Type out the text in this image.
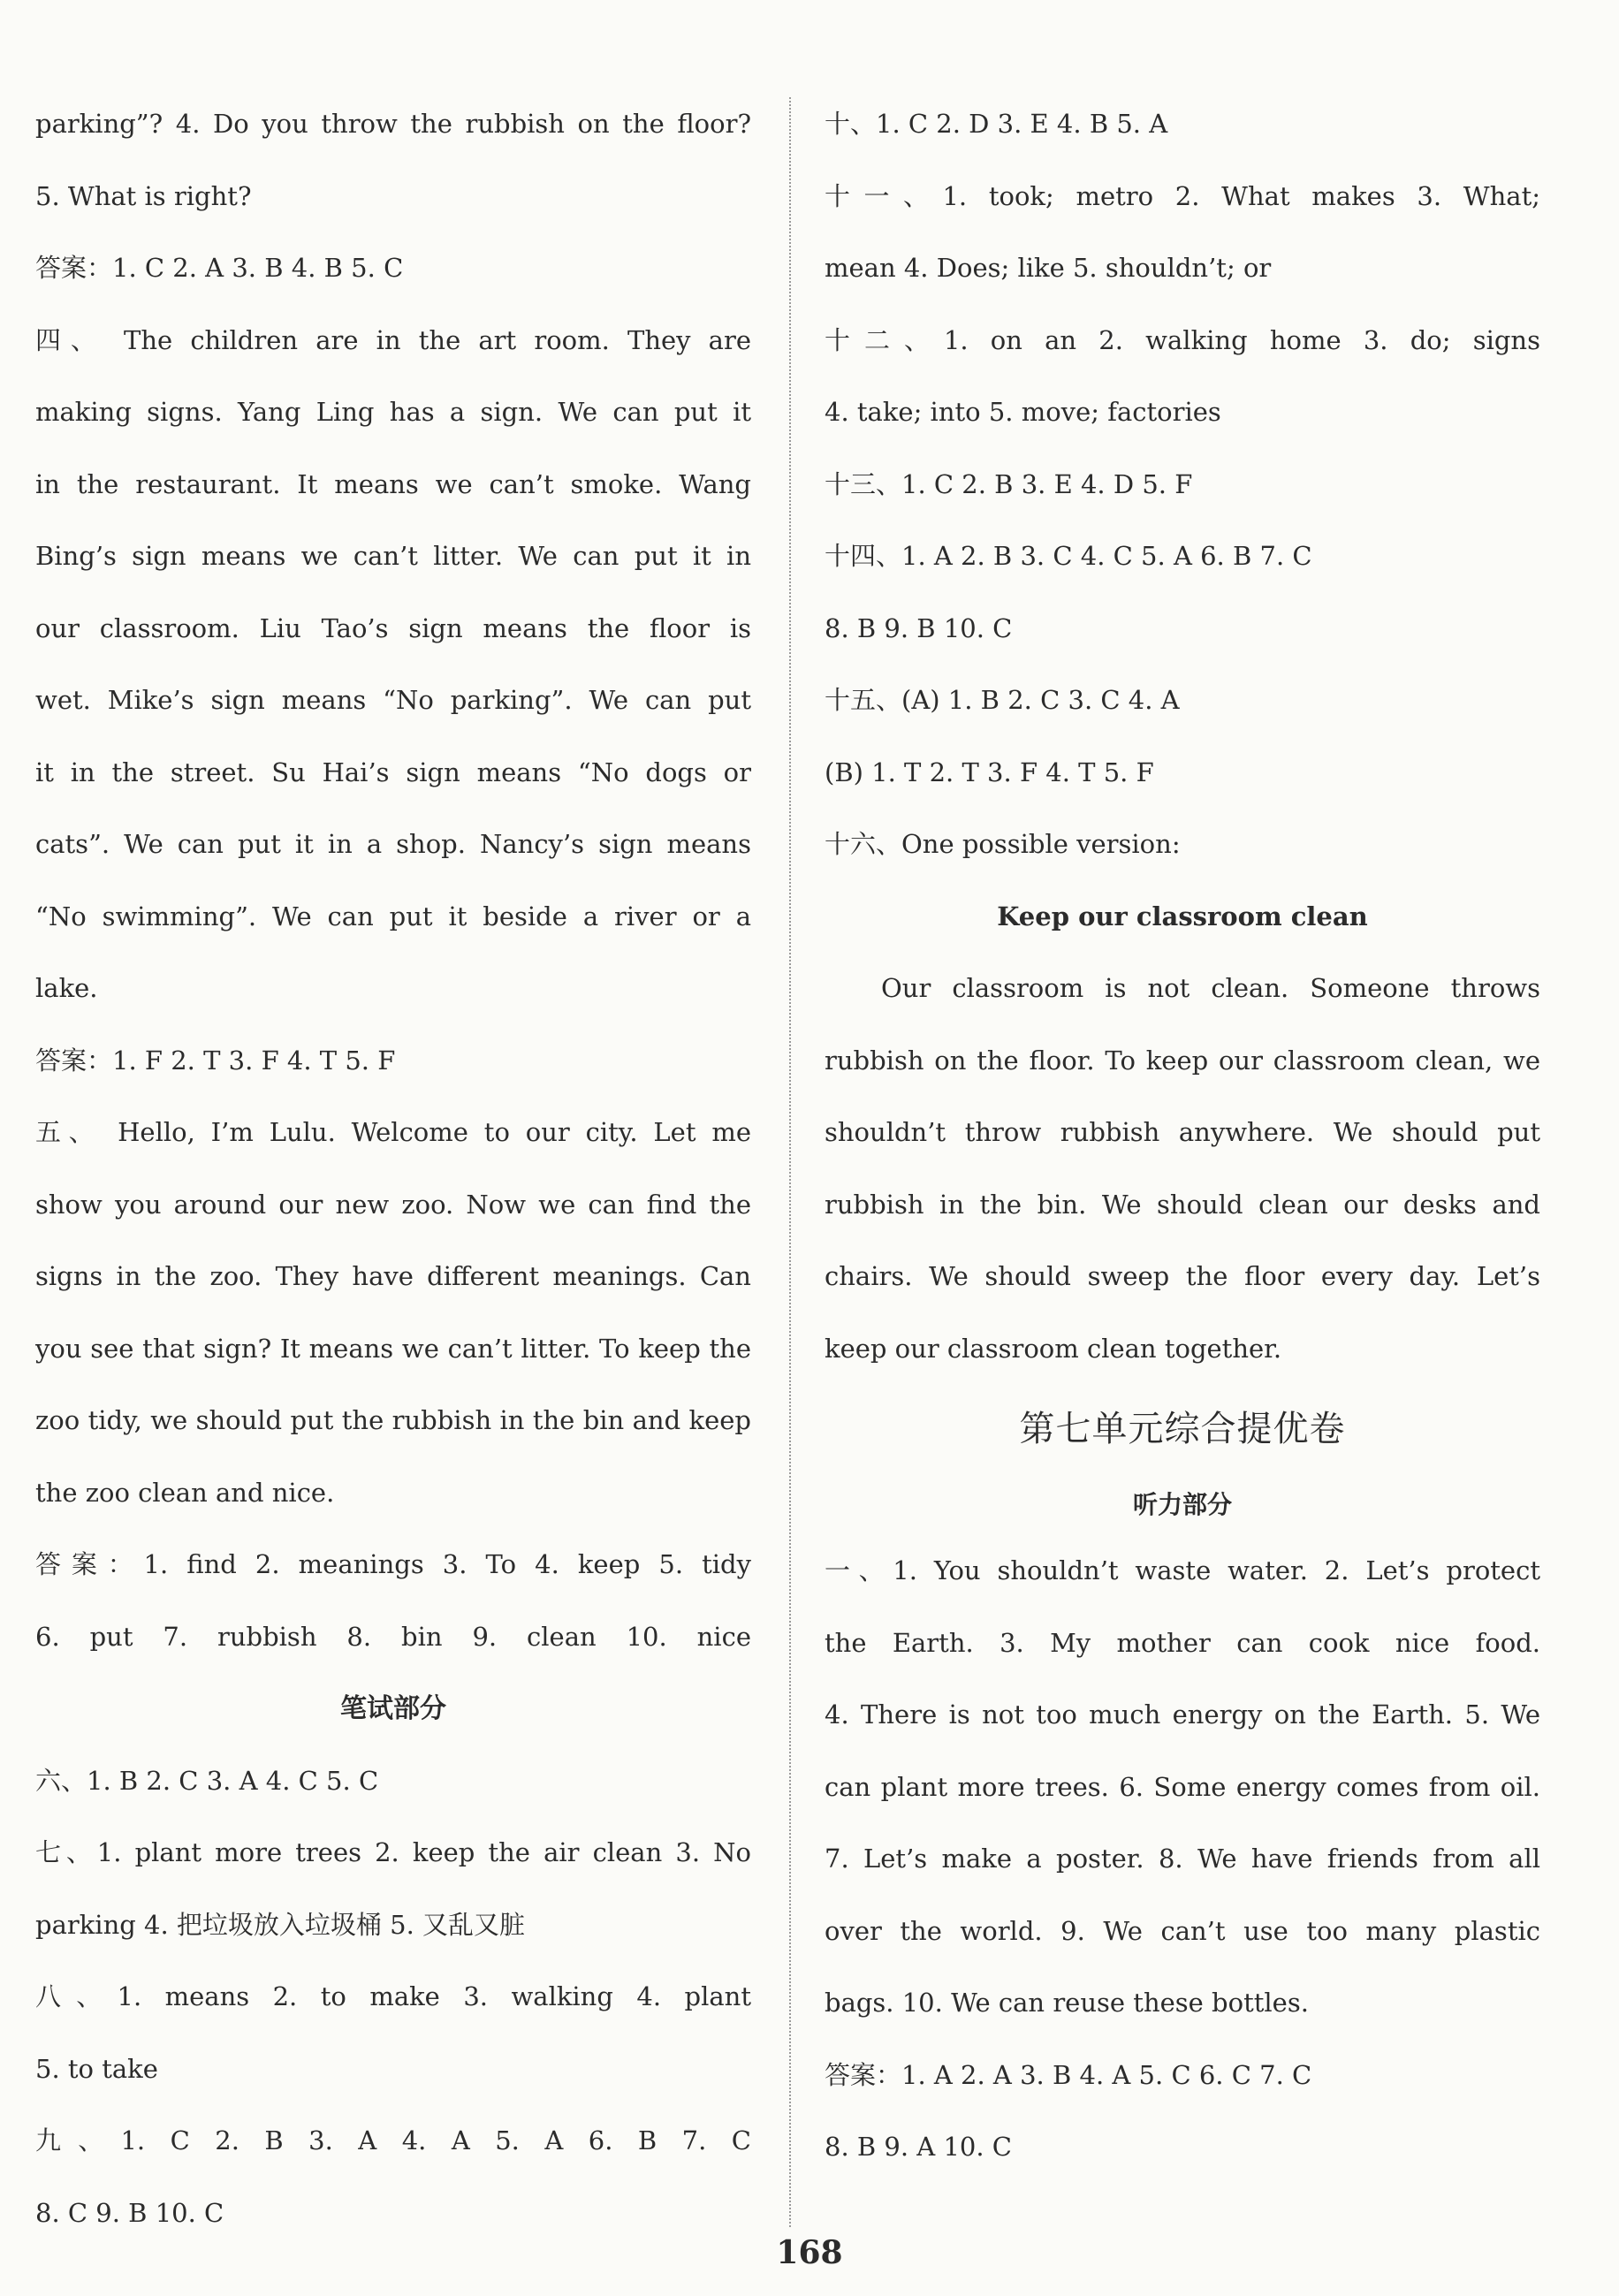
parking”? 4. Do you throw the rubbish on the floor?
5. What is right?
答案：1. C 2. A 3. B 4. B 5. C
四、 The children are in the art room. They are
making signs. Yang Ling has a sign. We can put it
in the restaurant. It means we can’t smoke. Wang
Bing’s sign means we can’t litter. We can put it in
our classroom. Liu Tao’s sign means the floor is
wet. Mike’s sign means “No parking”. We can put
it in the street. Su Hai’s sign means “No dogs or
cats”. We can put it in a shop. Nancy’s sign means
“No swimming”. We can put it beside a river or a
lake.
答案：1. F 2. T 3. F 4. T 5. F
五、 Hello, I’m Lulu. Welcome to our city. Let me
show you around our new zoo. Now we can find the
signs in the zoo. They have different meanings. Can
you see that sign? It means we can’t litter. To keep the
zoo tidy, we should put the rubbish in the bin and keep
the zoo clean and nice.
答案：1. find 2. meanings 3. To 4. keep 5. tidy
6. put 7. rubbish 8. bin 9. clean 10. nice
笔试部分
六、1. B 2. C 3. A 4. C 5. C
七、1. plant more trees 2. keep the air clean 3. No
parking 4. 把垃圾放入垃圾桶 5. 又乱又脏
八、1. means 2. to make 3. walking 4. plant
5. to take
九、1. C 2. B 3. A 4. A 5. A 6. B 7. C
8. C 9. B 10. C
十、1. C 2. D 3. E 4. B 5. A
十一、1. took; metro 2. What makes 3. What;
mean 4. Does; like 5. shouldn’t; or
十二、1. on an 2. walking home 3. do; signs
4. take; into 5. move; factories
十三、1. C 2. B 3. E 4. D 5. F
十四、1. A 2. B 3. C 4. C 5. A 6. B 7. C
8. B 9. B 10. C
十五、(A) 1. B 2. C 3. C 4. A
(B) 1. T 2. T 3. F 4. T 5. F
十六、One possible version:
Keep our classroom clean
Our classroom is not clean. Someone throws
rubbish on the floor. To keep our classroom clean, we
shouldn’t throw rubbish anywhere. We should put
rubbish in the bin. We should clean our desks and
chairs. We should sweep the floor every day. Let’s
keep our classroom clean together.
第七单元综合提优卷
听力部分
一、1. You shouldn’t waste water. 2. Let’s protect
the Earth. 3. My mother can cook nice food.
4. There is not too much energy on the Earth. 5. We
can plant more trees. 6. Some energy comes from oil.
7. Let’s make a poster. 8. We have friends from all
over the world. 9. We can’t use too many plastic
bags. 10. We can reuse these bottles.
答案：1. A 2. A 3. B 4. A 5. C 6. C 7. C
8. B 9. A 10. C
168
